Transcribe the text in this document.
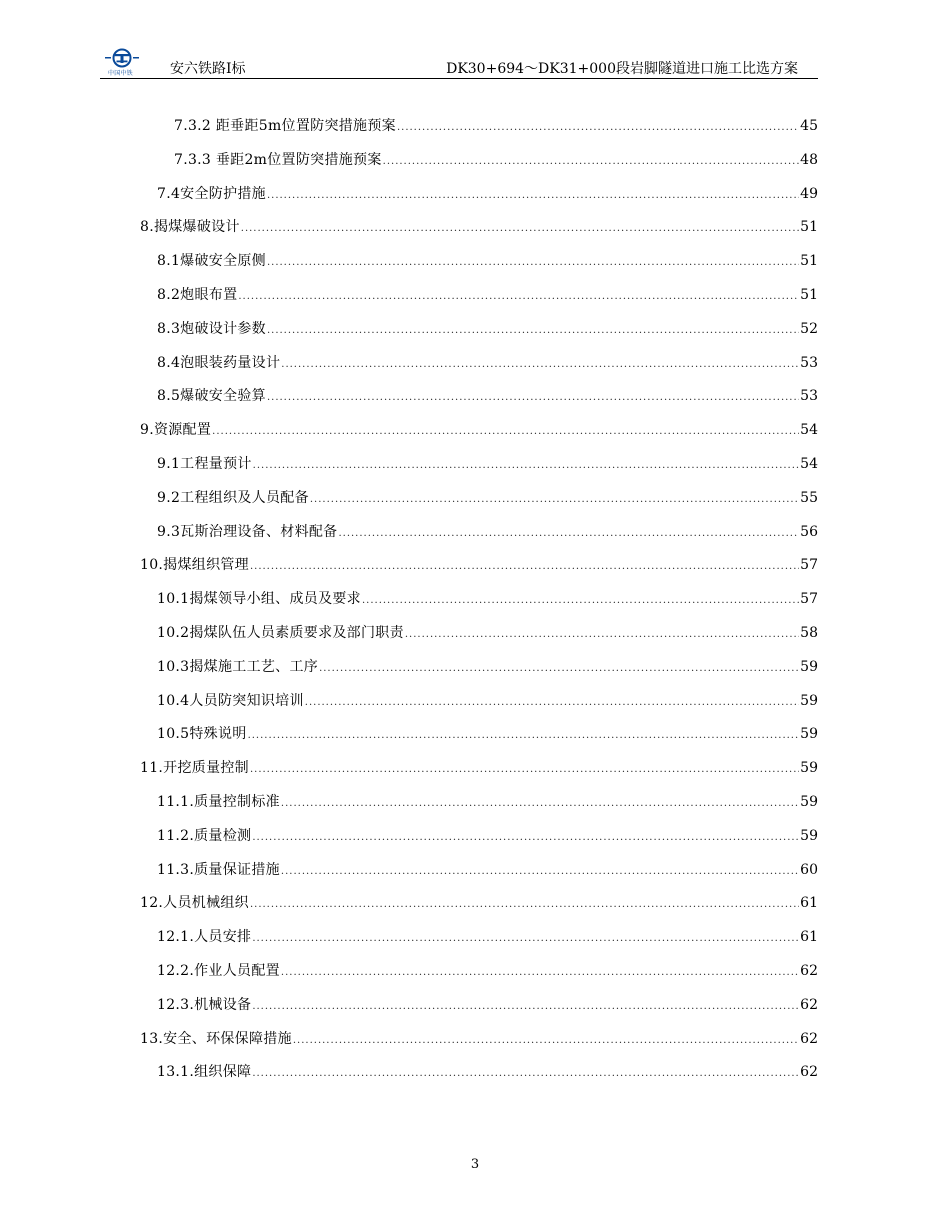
中国中铁	安六铁路Ⅰ标	DK30+694～DK31+000段岩脚隧道进口施工比选方案
7.3.2 距垂距5m位置防突措施预案 .....	45
7.3.3 垂距2m位置防突措施预案 .....	48
7.4安全防护措施 .....	49
8.揭煤爆破设计 .....	51
8.1爆破安全原侧 .....	51
8.2炮眼布置 .....	51
8.3炮破设计参数 .....	52
8.4泡眼装药量设计 .....	53
8.5爆破安全验算 .....	53
9.资源配置 .....	54
9.1工程量预计 .....	54
9.2工程组织及人员配备 .....	55
9.3瓦斯治理设备、材料配备 .....	56
10.揭煤组织管理 .....	57
10.1揭煤领导小组、成员及要求 .....	57
10.2揭煤队伍人员素质要求及部门职责 .....	58
10.3揭煤施工工艺、工序 .....	59
10.4人员防突知识培训 .....	59
10.5特殊说明 .....	59
11.开挖质量控制 .....	59
11.1.质量控制标准 .....	59
11.2.质量检测 .....	59
11.3.质量保证措施 .....	60
12.人员机械组织 .....	61
12.1.人员安排 .....	61
12.2.作业人员配置 .....	62
12.3.机械设备 .....	62
13.安全、环保保障措施 .....	62
13.1.组织保障 .....	62
3
